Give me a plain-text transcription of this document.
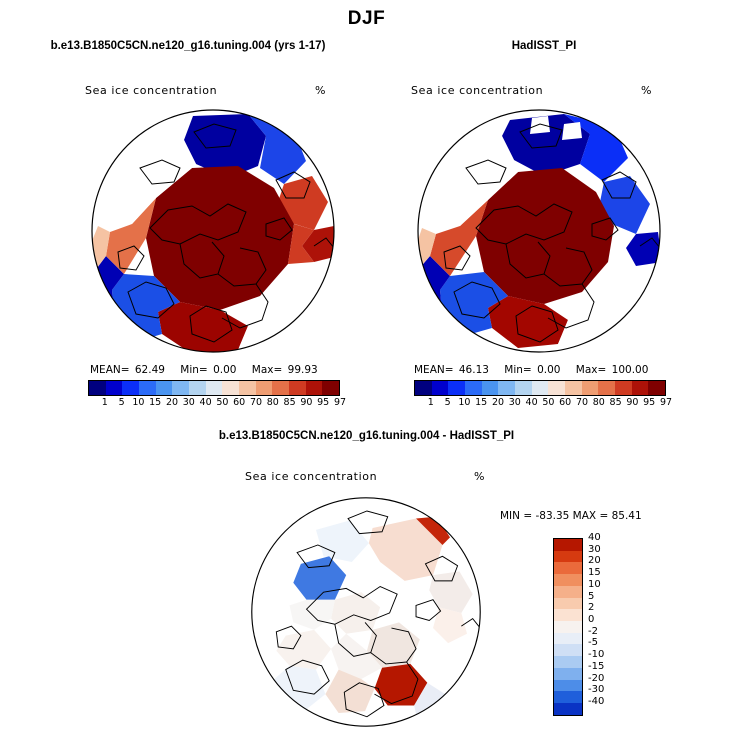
DJF
b.e13.B1850C5CN.ne120_g16.tuning.004 (yrs 1-17)
Sea ice concentration	%
MEAN= 62.49 Min= 0.00 Max= 99.93
1	5 10 15 20 30 40 50 60 70 80 85 90 95 97
HadISST_PI
Sea ice concentration	%
MEAN= 46.13 Min= 0.00 Max= 100.00
1	5 10 15 20 30 40 50 60 70 80 85 90 95 97
b.e13.B1850C5CN.ne120_g16.tuning.004 - HadISST_PI
Sea ice concentration	%
MIN = -83.35 MAX = 85.41
40
30
20
15
10
5
2
0
-2
-5
-10
-15
-20
-30
-40
